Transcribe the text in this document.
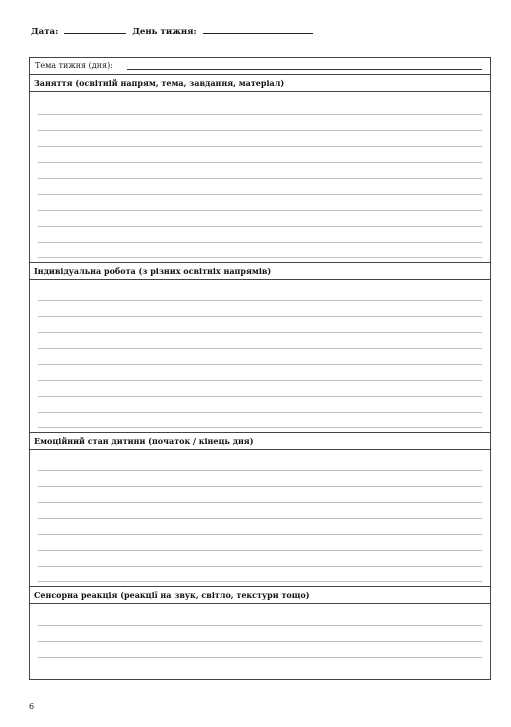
Дата:	День тижня:
Тема тижня (дня):
Заняття (освітній напрям, тема, завдання, матеріал)
Індивідуальна робота (з різних освітніх напрямів)
Емоційний стан дитини (початок / кінець дня)
Сенсорна реакція (реакції на звук, світло, текстури тощо)
6
